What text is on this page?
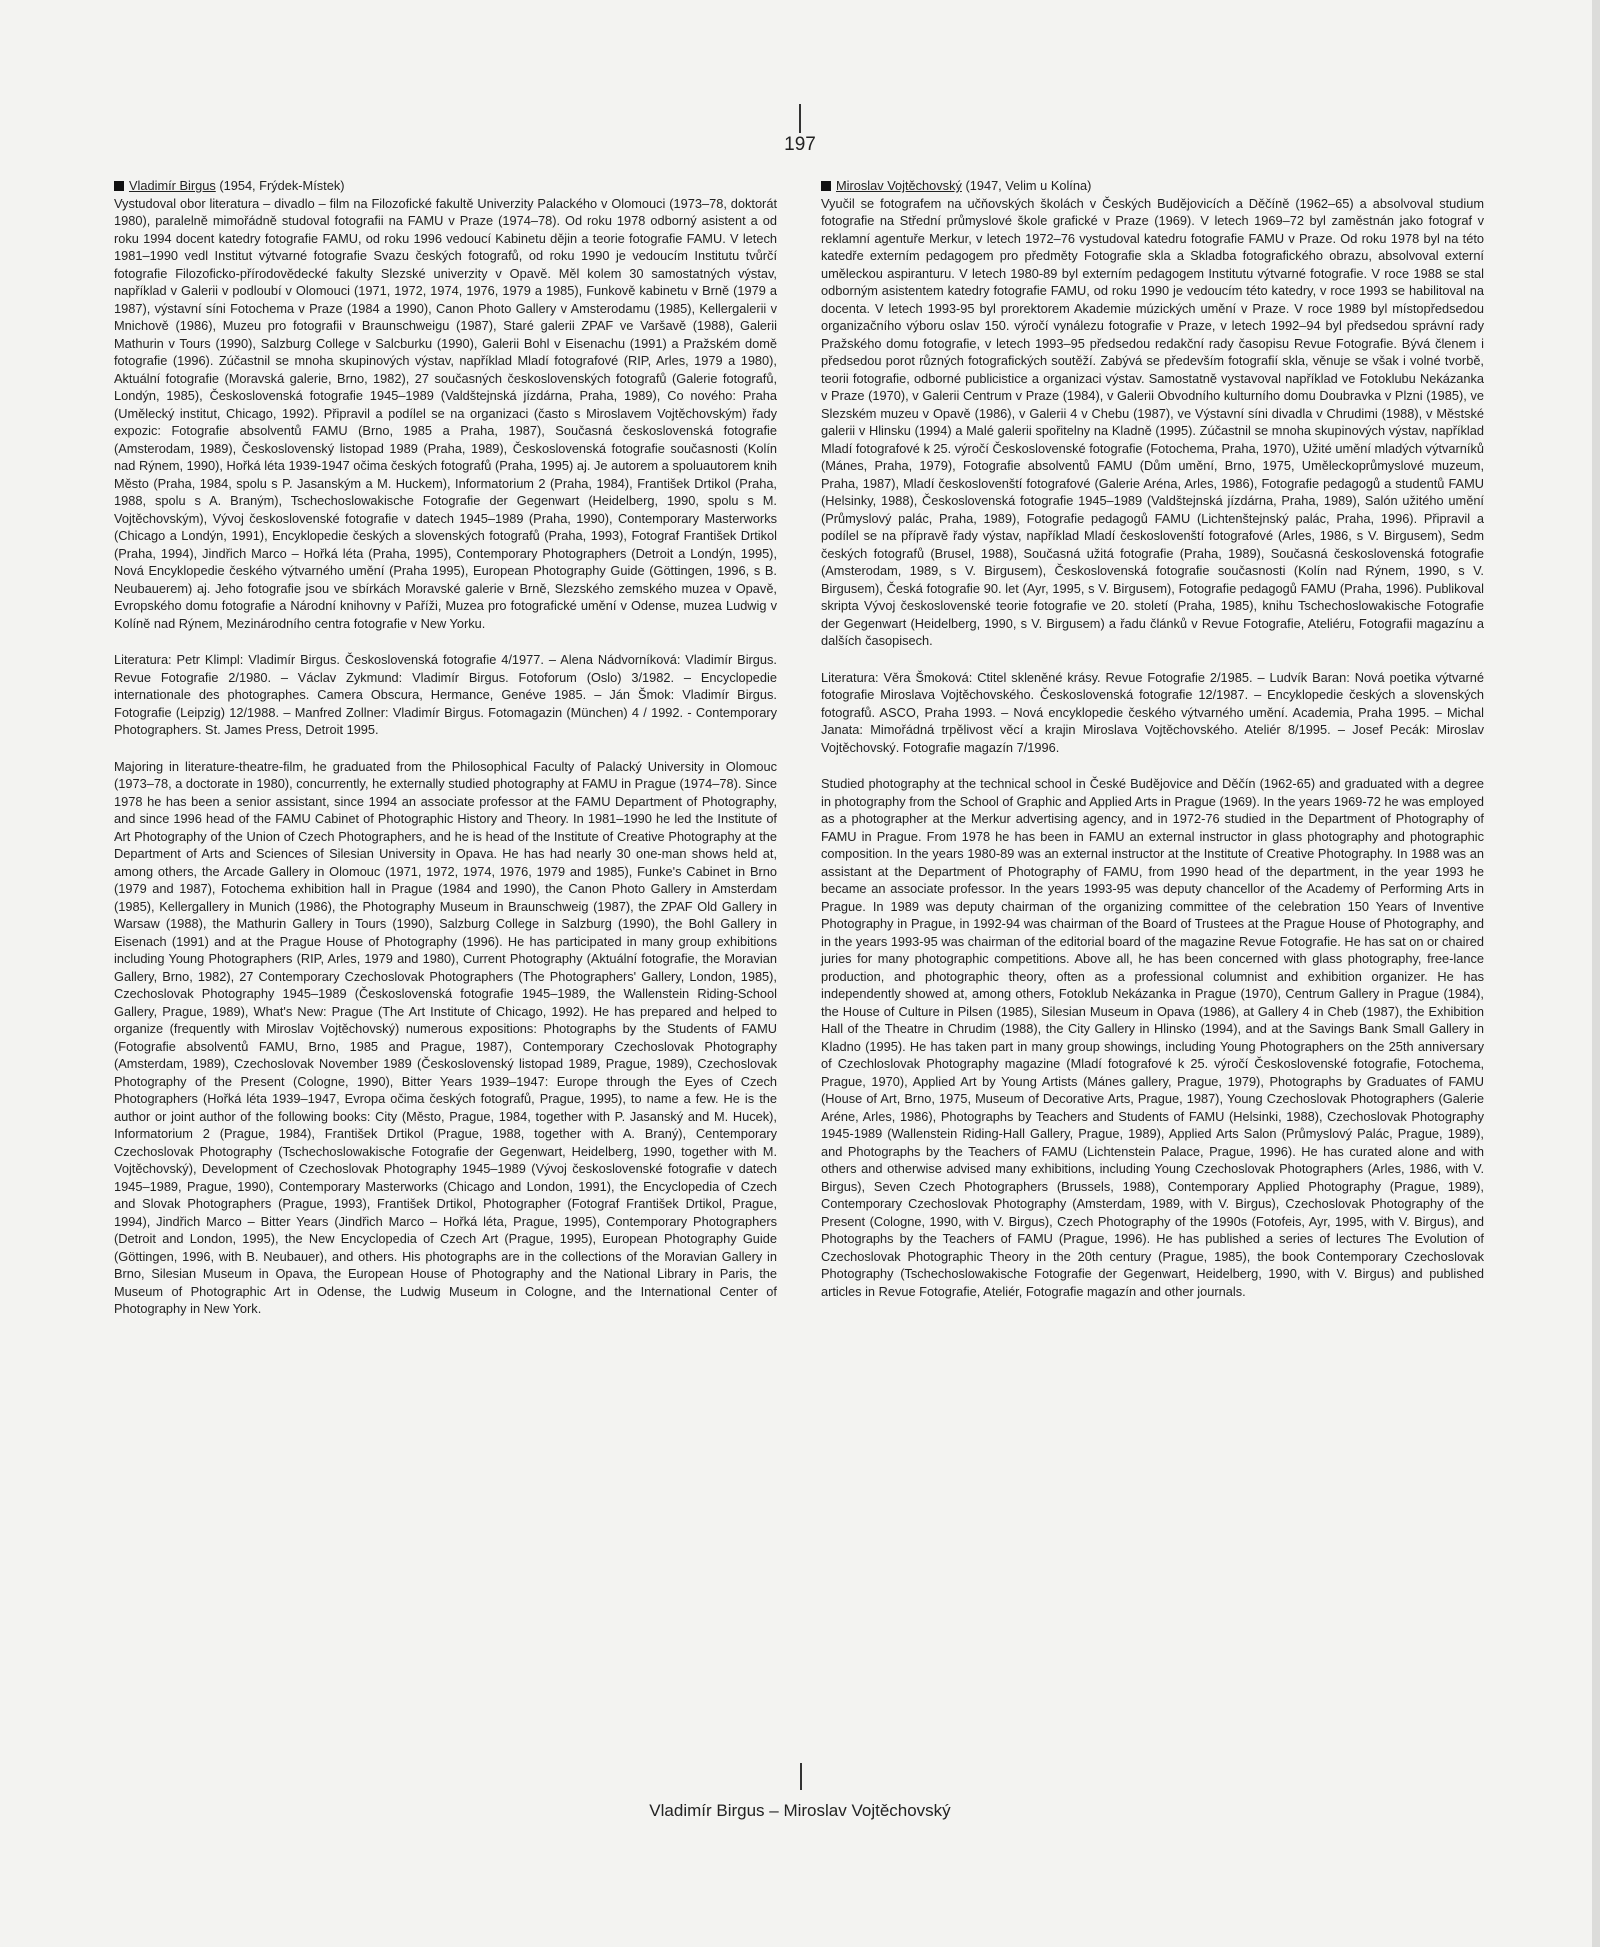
197

Vladimír Birgus (1954, Frýdek-Místek)
Vystudoval obor literatura – divadlo – film na Filozofické fakultě Univerzity Palackého v Olomouci (1973–78, doktorát 1980), paralelně mimořádně studoval fotografii na FAMU v Praze (1974–78). Od roku 1978 odborný asistent a od roku 1994 docent katedry fotografie FAMU, od roku 1996 vedoucí Kabinetu dějin a teorie fotografie FAMU. V letech 1981–1990 vedl Institut výtvarné fotografie Svazu českých fotografů, od roku 1990 je vedoucím Institutu tvůrčí fotografie Filozoficko-přírodovědecké fakulty Slezské univerzity v Opavě. Měl kolem 30 samostatných výstav, například v Galerii v podloubí v Olomouci (1971, 1972, 1974, 1976, 1979 a 1985), Funkově kabinetu v Brně (1979 a 1987), výstavní síni Fotochema v Praze (1984 a 1990), Canon Photo Gallery v Amsterodamu (1985), Kellergalerii v Mnichově (1986), Muzeu pro fotografii v Braunschweigu (1987), Staré galerii ZPAF ve Varšavě (1988), Galerii Mathurin v Tours (1990), Salzburg College v Salcburku (1990), Galerii Bohl v Eisenachu (1991) a Pražském domě fotografie (1996). Zúčastnil se mnoha skupinových výstav, například Mladí fotografové (RIP, Arles, 1979 a 1980), Aktuální fotografie (Moravská galerie, Brno, 1982), 27 současných československých fotografů (Galerie fotografů, Londýn, 1985), Československá fotografie 1945–1989 (Valdštejnská jízdárna, Praha, 1989), Co nového: Praha (Umělecký institut, Chicago, 1992). Připravil a podílel se na organizaci (často s Miroslavem Vojtěchovským) řady expozic: Fotografie absolventů FAMU (Brno, 1985 a Praha, 1987), Současná československá fotografie (Amsterodam, 1989), Československý listopad 1989 (Praha, 1989), Československá fotografie současnosti (Kolín nad Rýnem, 1990), Hořká léta 1939-1947 očima českých fotografů (Praha, 1995) aj. Je autorem a spoluautorem knih Město (Praha, 1984, spolu s P. Jasanským a M. Huckem), Informatorium 2 (Praha, 1984), František Drtikol (Praha, 1988, spolu s A. Braným), Tschechoslowakische Fotografie der Gegenwart (Heidelberg, 1990, spolu s M. Vojtěchovským), Vývoj československé fotografie v datech 1945–1989 (Praha, 1990), Contemporary Masterworks (Chicago a Londýn, 1991), Encyklopedie českých a slovenských fotografů (Praha, 1993), Fotograf František Drtikol (Praha, 1994), Jindřich Marco – Hořká léta (Praha, 1995), Contemporary Photographers (Detroit a Londýn, 1995), Nová Encyklopedie českého výtvarného umění (Praha 1995), European Photography Guide (Göttingen, 1996, s B. Neubauerem) aj. Jeho fotografie jsou ve sbírkách Moravské galerie v Brně, Slezského zemského muzea v Opavě, Evropského domu fotografie a Národní knihovny v Paříži, Muzea pro fotografické umění v Odense, muzea Ludwig v Kolíně nad Rýnem, Mezinárodního centra fotografie v New Yorku.

Literatura: Petr Klimpl: Vladimír Birgus. Československá fotografie 4/1977. – Alena Nádvorníková: Vladimír Birgus. Revue Fotografie 2/1980. – Václav Zykmund: Vladimír Birgus. Fotoforum (Oslo) 3/1982. – Encyclopedie internationale des photographes. Camera Obscura, Hermance, Genéve 1985. – Ján Šmok: Vladimír Birgus. Fotografie (Leipzig) 12/1988. – Manfred Zollner: Vladimír Birgus. Fotomagazin (München) 4 / 1992. - Contemporary Photographers. St. James Press, Detroit 1995.

Majoring in literature-theatre-film, he graduated from the Philosophical Faculty of Palacký University in Olomouc (1973–78, a doctorate in 1980), concurrently, he externally studied photography at FAMU in Prague (1974–78). Since 1978 he has been a senior assistant, since 1994 an associate professor at the FAMU Department of Photography, and since 1996 head of the FAMU Cabinet of Photographic History and Theory. In 1981–1990 he led the Institute of Art Photography of the Union of Czech Photographers, and he is head of the Institute of Creative Photography at the Department of Arts and Sciences of Silesian University in Opava. He has had nearly 30 one-man shows held at, among others, the Arcade Gallery in Olomouc (1971, 1972, 1974, 1976, 1979 and 1985), Funke's Cabinet in Brno (1979 and 1987), Fotochema exhibition hall in Prague (1984 and 1990), the Canon Photo Gallery in Amsterdam (1985), Kellergallery in Munich (1986), the Photography Museum in Braunschweig (1987), the ZPAF Old Gallery in Warsaw (1988), the Mathurin Gallery in Tours (1990), Salzburg College in Salzburg (1990), the Bohl Gallery in Eisenach (1991) and at the Prague House of Photography (1996). He has participated in many group exhibitions including Young Photographers (RIP, Arles, 1979 and 1980), Current Photography (Aktuální fotografie, the Moravian Gallery, Brno, 1982), 27 Contemporary Czechoslovak Photographers (The Photographers' Gallery, London, 1985), Czechoslovak Photography 1945–1989 (Československá fotografie 1945–1989, the Wallenstein Riding-School Gallery, Prague, 1989), What's New: Prague (The Art Institute of Chicago, 1992). He has prepared and helped to organize (frequently with Miroslav Vojtěchovský) numerous expositions: Photographs by the Students of FAMU (Fotografie absolventů FAMU, Brno, 1985 and Prague, 1987), Contemporary Czechoslovak Photography (Amsterdam, 1989), Czechoslovak November 1989 (Československý listopad 1989, Prague, 1989), Czechoslovak Photography of the Present (Cologne, 1990), Bitter Years 1939–1947: Europe through the Eyes of Czech Photographers (Hořká léta 1939–1947, Evropa očima českých fotografů, Prague, 1995), to name a few. He is the author or joint author of the following books: City (Město, Prague, 1984, together with P. Jasanský and M. Hucek), Informatorium 2 (Prague, 1984), František Drtikol (Prague, 1988, together with A. Braný), Centemporary Czechoslovak Photography (Tschechoslowakische Fotografie der Gegenwart, Heidelberg, 1990, together with M. Vojtěchovský), Development of Czechoslovak Photography 1945–1989 (Vývoj československé fotografie v datech 1945–1989, Prague, 1990), Contemporary Masterworks (Chicago and London, 1991), the Encyclopedia of Czech and Slovak Photographers (Prague, 1993), František Drtikol, Photographer (Fotograf František Drtikol, Prague, 1994), Jindřich Marco – Bitter Years (Jindřich Marco – Hořká léta, Prague, 1995), Contemporary Photographers (Detroit and London, 1995), the New Encyclopedia of Czech Art (Prague, 1995), European Photography Guide (Göttingen, 1996, with B. Neubauer), and others. His photographs are in the collections of the Moravian Gallery in Brno, Silesian Museum in Opava, the European House of Photography and the National Library in Paris, the Museum of Photographic Art in Odense, the Ludwig Museum in Cologne, and the International Center of Photography in New York.

Miroslav Vojtěchovský (1947, Velim u Kolína)
Vyučil se fotografem na učňovských školách v Českých Budějovicích a Děčíně (1962–65) a absolvoval studium fotografie na Střední průmyslové škole grafické v Praze (1969). V letech 1969–72 byl zaměstnán jako fotograf v reklamní agentuře Merkur, v letech 1972–76 vystudoval katedru fotografie FAMU v Praze. Od roku 1978 byl na této katedře externím pedagogem pro předměty Fotografie skla a Skladba fotografického obrazu, absolvoval externí uměleckou aspiranturu. V letech 1980-89 byl externím pedagogem Institutu výtvarné fotografie. V roce 1988 se stal odborným asistentem katedry fotografie FAMU, od roku 1990 je vedoucím této katedry, v roce 1993 se habilitoval na docenta. V letech 1993-95 byl prorektorem Akademie múzických umění v Praze. V roce 1989 byl místopředsedou organizačního výboru oslav 150. výročí vynálezu fotografie v Praze, v letech 1992–94 byl předsedou správní rady Pražského domu fotografie, v letech 1993–95 předsedou redakční rady časopisu Revue Fotografie. Bývá členem i předsedou porot různých fotografických soutěží. Zabývá se především fotografií skla, věnuje se však i volné tvorbě, teorii fotografie, odborné publicistice a organizaci výstav. Samostatně vystavoval například ve Fotoklubu Nekázanka v Praze (1970), v Galerii Centrum v Praze (1984), v Galerii Obvodního kulturního domu Doubravka v Plzni (1985), ve Slezském muzeu v Opavě (1986), v Galerii 4 v Chebu (1987), ve Výstavní síni divadla v Chrudimi (1988), v Městské galerii v Hlinsku (1994) a Malé galerii spořitelny na Kladně (1995). Zúčastnil se mnoha skupinových výstav, například Mladí fotografové k 25. výročí Československé fotografie (Fotochema, Praha, 1970), Užité umění mladých výtvarníků (Mánes, Praha, 1979), Fotografie absolventů FAMU (Dům umění, Brno, 1975, Uměleckoprůmyslové muzeum, Praha, 1987), Mladí českoslovenští fotografové (Galerie Aréna, Arles, 1986), Fotografie pedagogů a studentů FAMU (Helsinky, 1988), Československá fotografie 1945–1989 (Valdštejnská jízdárna, Praha, 1989), Salón užitého umění (Průmyslový palác, Praha, 1989), Fotografie pedagogů FAMU (Lichtenštejnský palác, Praha, 1996). Připravil a podílel se na přípravě řady výstav, například Mladí českoslovenští fotografové (Arles, 1986, s V. Birgusem), Sedm českých fotografů (Brusel, 1988), Současná užitá fotografie (Praha, 1989), Současná československá fotografie (Amsterodam, 1989, s V. Birgusem), Československá fotografie současnosti (Kolín nad Rýnem, 1990, s V. Birgusem), Česká fotografie 90. let (Ayr, 1995, s V. Birgusem), Fotografie pedagogů FAMU (Praha, 1996). Publikoval skripta Vývoj československé teorie fotografie ve 20. století (Praha, 1985), knihu Tschechoslowakische Fotografie der Gegenwart (Heidelberg, 1990, s V. Birgusem) a řadu článků v Revue Fotografie, Ateliéru, Fotografii magazínu a dalších časopisech.

Literatura: Věra Šmoková: Ctitel skleněné krásy. Revue Fotografie 2/1985. – Ludvík Baran: Nová poetika výtvarné fotografie Miroslava Vojtěchovského. Československá fotografie 12/1987. – Encyklopedie českých a slovenských fotografů. ASCO, Praha 1993. – Nová encyklopedie českého výtvarného umění. Academia, Praha 1995. – Michal Janata: Mimořádná trpělivost věcí a krajin Miroslava Vojtěchovského. Ateliér 8/1995. – Josef Pecák: Miroslav Vojtěchovský. Fotografie magazín 7/1996.

Studied photography at the technical school in České Budějovice and Děčín (1962-65) and graduated with a degree in photography from the School of Graphic and Applied Arts in Prague (1969). In the years 1969-72 he was employed as a photographer at the Merkur advertising agency, and in 1972-76 studied in the Department of Photography of FAMU in Prague. From 1978 he has been in FAMU an external instructor in glass photography and photographic composition. In the years 1980-89 was an external instructor at the Institute of Creative Photography. In 1988 was an assistant at the Department of Photography of FAMU, from 1990 head of the department, in the year 1993 he became an associate professor. In the years 1993-95 was deputy chancellor of the Academy of Performing Arts in Prague. In 1989 was deputy chairman of the organizing committee of the celebration 150 Years of Inventive Photography in Prague, in 1992-94 was chairman of the Board of Trustees at the Prague House of Photography, and in the years 1993-95 was chairman of the editorial board of the magazine Revue Fotografie. He has sat on or chaired juries for many photographic competitions. Above all, he has been concerned with glass photography, free-lance production, and photographic theory, often as a professional columnist and exhibition organizer. He has independently showed at, among others, Fotoklub Nekázanka in Prague (1970), Centrum Gallery in Prague (1984), the House of Culture in Pilsen (1985), Silesian Museum in Opava (1986), at Gallery 4 in Cheb (1987), the Exhibition Hall of the Theatre in Chrudim (1988), the City Gallery in Hlinsko (1994), and at the Savings Bank Small Gallery in Kladno (1995). He has taken part in many group showings, including Young Photographers on the 25th anniversary of Czechloslovak Photography magazine (Mladí fotografové k 25. výročí Československé fotografie, Fotochema, Prague, 1970), Applied Art by Young Artists (Mánes gallery, Prague, 1979), Photographs by Graduates of FAMU (House of Art, Brno, 1975, Museum of Decorative Arts, Prague, 1987), Young Czechoslovak Photographers (Galerie Aréne, Arles, 1986), Photographs by Teachers and Students of FAMU (Helsinki, 1988), Czechoslovak Photography 1945-1989 (Wallenstein Riding-Hall Gallery, Prague, 1989), Applied Arts Salon (Průmyslový Palác, Prague, 1989), and Photographs by the Teachers of FAMU (Lichtenstein Palace, Prague, 1996). He has curated alone and with others and otherwise advised many exhibitions, including Young Czechoslovak Photographers (Arles, 1986, with V. Birgus), Seven Czech Photographers (Brussels, 1988), Contemporary Applied Photography (Prague, 1989), Contemporary Czechoslovak Photography (Amsterdam, 1989, with V. Birgus), Czechoslovak Photography of the Present (Cologne, 1990, with V. Birgus), Czech Photography of the 1990s (Fotofeis, Ayr, 1995, with V. Birgus), and Photographs by the Teachers of FAMU (Prague, 1996). He has published a series of lectures The Evolution of Czechoslovak Photographic Theory in the 20th century (Prague, 1985), the book Contemporary Czechoslovak Photography (Tschechoslowakische Fotografie der Gegenwart, Heidelberg, 1990, with V. Birgus) and published articles in Revue Fotografie, Ateliér, Fotografie magazín and other journals.

Vladimír Birgus – Miroslav Vojtěchovský
